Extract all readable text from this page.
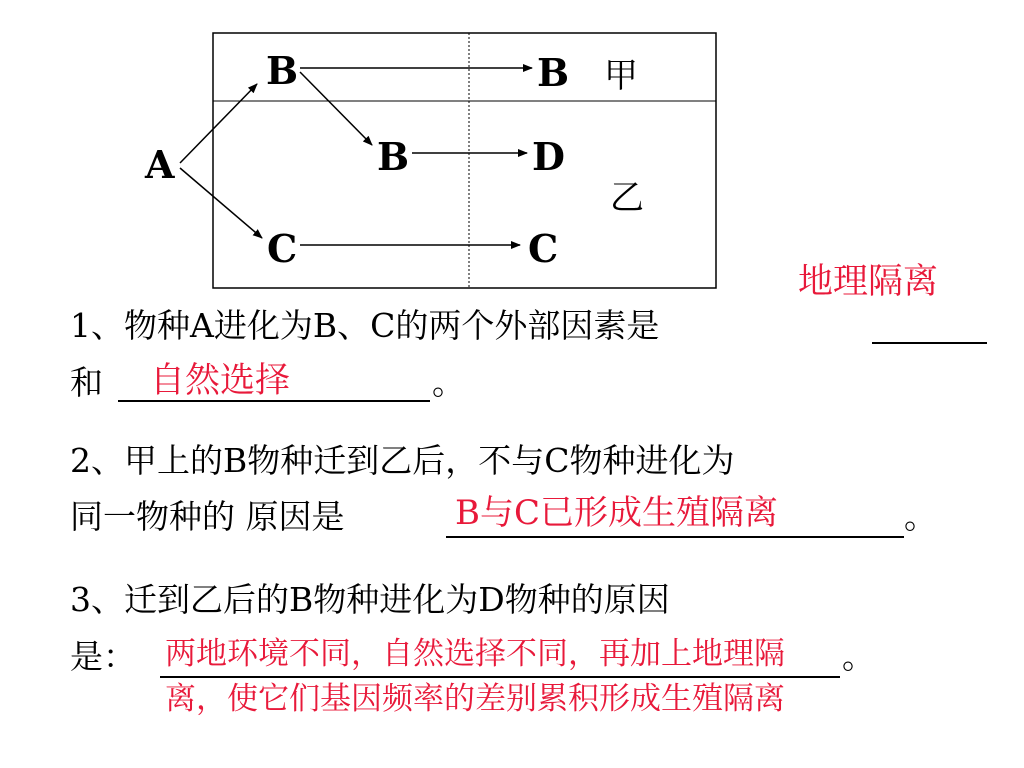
A
B	B
B	D
C	C
甲
乙
地理隔离
1、物种A进化为B、C的两个外部因素是
和 自然选择	。
2、甲上的B物种迁到乙后，不与C物种进化为
同一物种的 原因是	B与C已形成生殖隔离	。
3、迁到乙后的B物种进化为D物种的原因
是：	。
两地环境不同，自然选择不同，再加上地理隔
离，使它们基因频率的差别累积形成生殖隔离
